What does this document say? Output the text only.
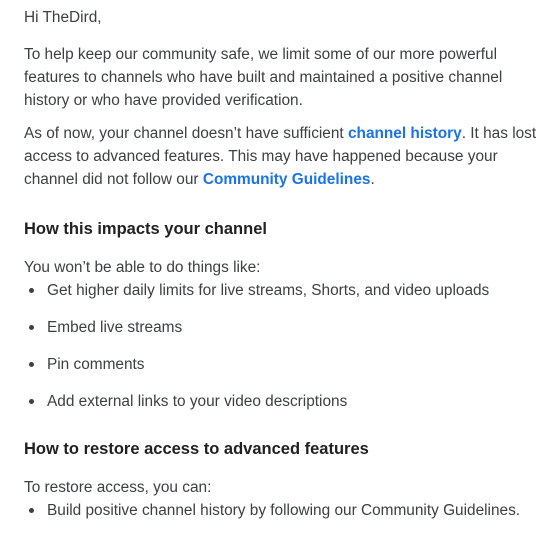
Hi TheDird,

To help keep our community safe, we limit some of our more powerful features to channels who have built and maintained a positive channel history or who have provided verification.

As of now, your channel doesn’t have sufficient channel history. It has lost access to advanced features. This may have happened because your channel did not follow our Community Guidelines.

How this impacts your channel

You won’t be able to do things like:

Get higher daily limits for live streams, Shorts, and video uploads
Embed live streams
Pin comments
Add external links to your video descriptions
How to restore access to advanced features

To restore access, you can:

Build positive channel history by following our Community Guidelines.
